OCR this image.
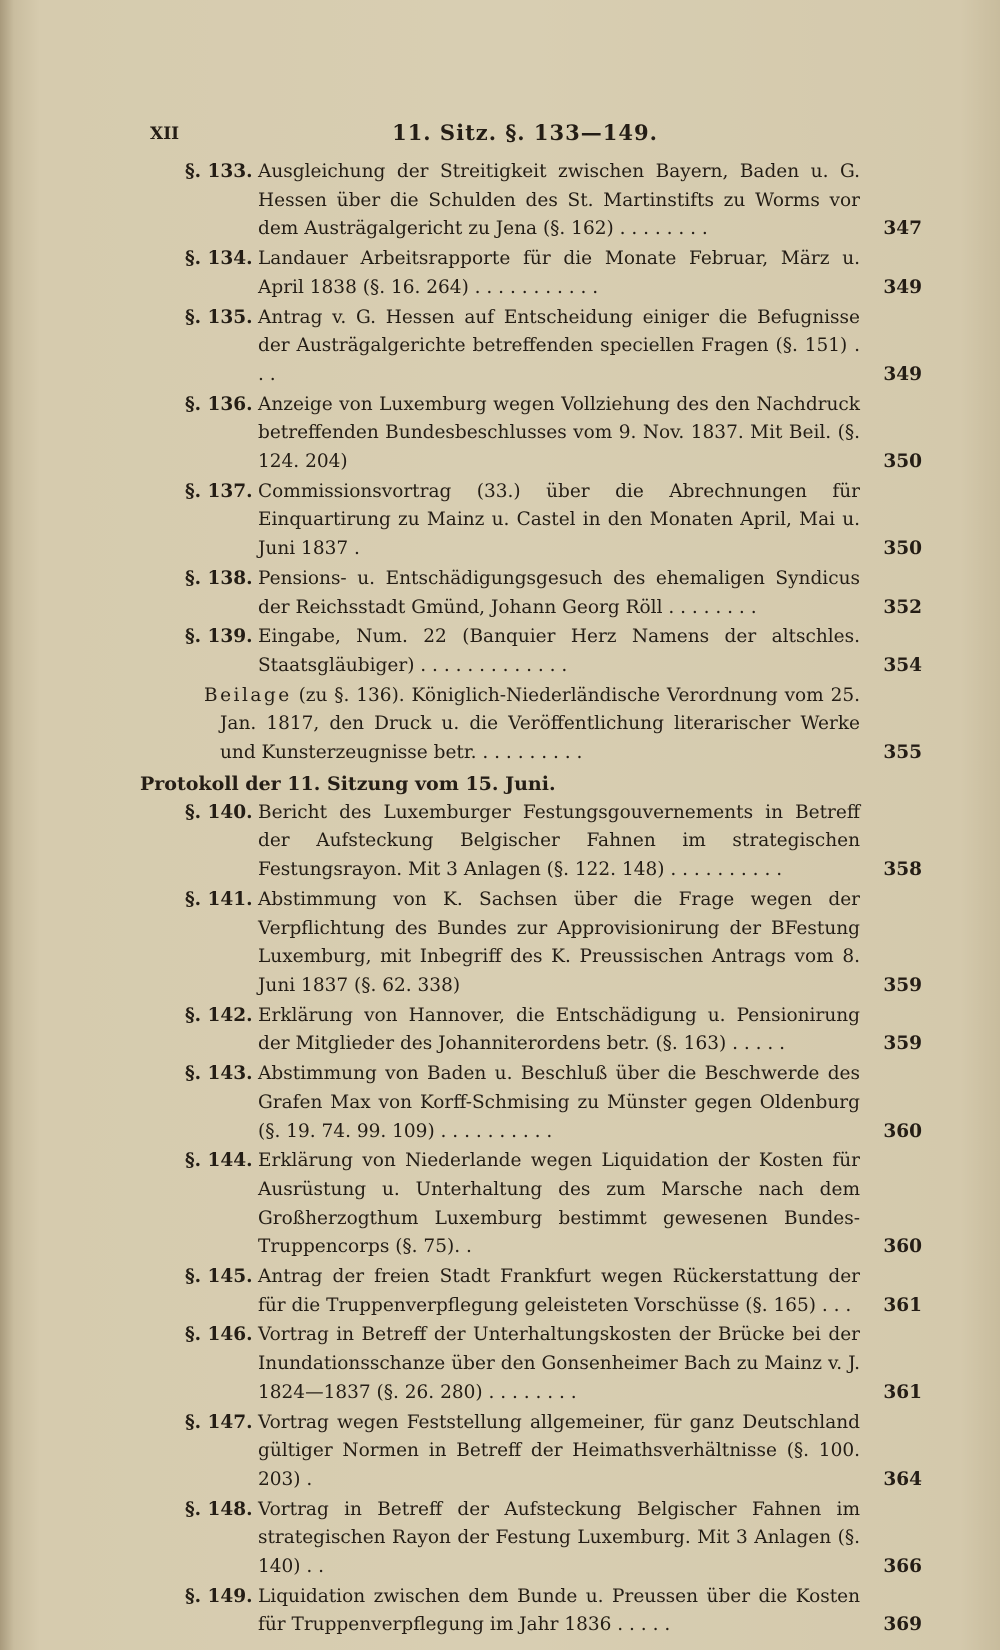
XII	11. Sitz. §. 133—149.
§. 133. Ausgleichung der Streitigkeit zwischen Bayern, Baden u. G. Hessen über die Schulden des St. Martinstifts zu Worms vor dem Austrägalgericht zu Jena (§. 162) . . . . . . . .	347
§. 134. Landauer Arbeitsrapporte für die Monate Februar, März u. April 1838 (§. 16. 264) . . . . . . . . . . .	349
§. 135. Antrag v. G. Hessen auf Entscheidung einiger die Befugnisse der Austrägalgerichte betreffenden speciellen Fragen (§. 151) . . .	349
§. 136. Anzeige von Luxemburg wegen Vollziehung des den Nachdruck betreffenden Bundesbeschlusses vom 9. Nov. 1837. Mit Beil. (§. 124. 204)	350
§. 137. Commissionsvortrag (33.) über die Abrechnungen für Einquartirung zu Mainz u. Castel in den Monaten April, Mai u. Juni 1837 .	350
§. 138. Pensions- u. Entschädigungsgesuch des ehemaligen Syndicus der Reichsstadt Gmünd, Johann Georg Röll . . . . . . . .	352
§. 139. Eingabe, Num. 22 (Banquier Herz Namens der altschles. Staatsgläubiger) . . . . . . . . . . . . .	354
Beilage (zu §. 136). Königlich-Niederländische Verordnung vom 25. Jan. 1817, den Druck u. die Veröffentlichung literarischer Werke und Kunsterzeugnisse betr. . . . . . . . . .	355
Protokoll der 11. Sitzung vom 15. Juni.
§. 140. Bericht des Luxemburger Festungsgouvernements in Betreff der Aufsteckung Belgischer Fahnen im strategischen Festungsrayon. Mit 3 Anlagen (§. 122. 148) . . . . . . . . . .	358
§. 141. Abstimmung von K. Sachsen über die Frage wegen der Verpflichtung des Bundes zur Approvisionirung der BFestung Luxemburg, mit Inbegriff des K. Preussischen Antrags vom 8. Juni 1837 (§. 62. 338)	359
§. 142. Erklärung von Hannover, die Entschädigung u. Pensionirung der Mitglieder des Johanniterordens betr. (§. 163) . . . . .	359
§. 143. Abstimmung von Baden u. Beschluß über die Beschwerde des Grafen Max von Korff-Schmising zu Münster gegen Oldenburg (§. 19. 74. 99. 109) . . . . . . . . . .	360
§. 144. Erklärung von Niederlande wegen Liquidation der Kosten für Ausrüstung u. Unterhaltung des zum Marsche nach dem Großherzogthum Luxemburg bestimmt gewesenen Bundes-Truppencorps (§. 75). .	360
§. 145. Antrag der freien Stadt Frankfurt wegen Rückerstattung der für die Truppenverpflegung geleisteten Vorschüsse (§. 165) . . .	361
§. 146. Vortrag in Betreff der Unterhaltungskosten der Brücke bei der Inundationsschanze über den Gonsenheimer Bach zu Mainz v. J. 1824—1837 (§. 26. 280) . . . . . . . .	361
§. 147. Vortrag wegen Feststellung allgemeiner, für ganz Deutschland gültiger Normen in Betreff der Heimathsverhältnisse (§. 100. 203) .	364
§. 148. Vortrag in Betreff der Aufsteckung Belgischer Fahnen im strategischen Rayon der Festung Luxemburg. Mit 3 Anlagen (§. 140) . .	366
§. 149. Liquidation zwischen dem Bunde u. Preussen über die Kosten für Truppenverpflegung im Jahr 1836 . . . . .	369
